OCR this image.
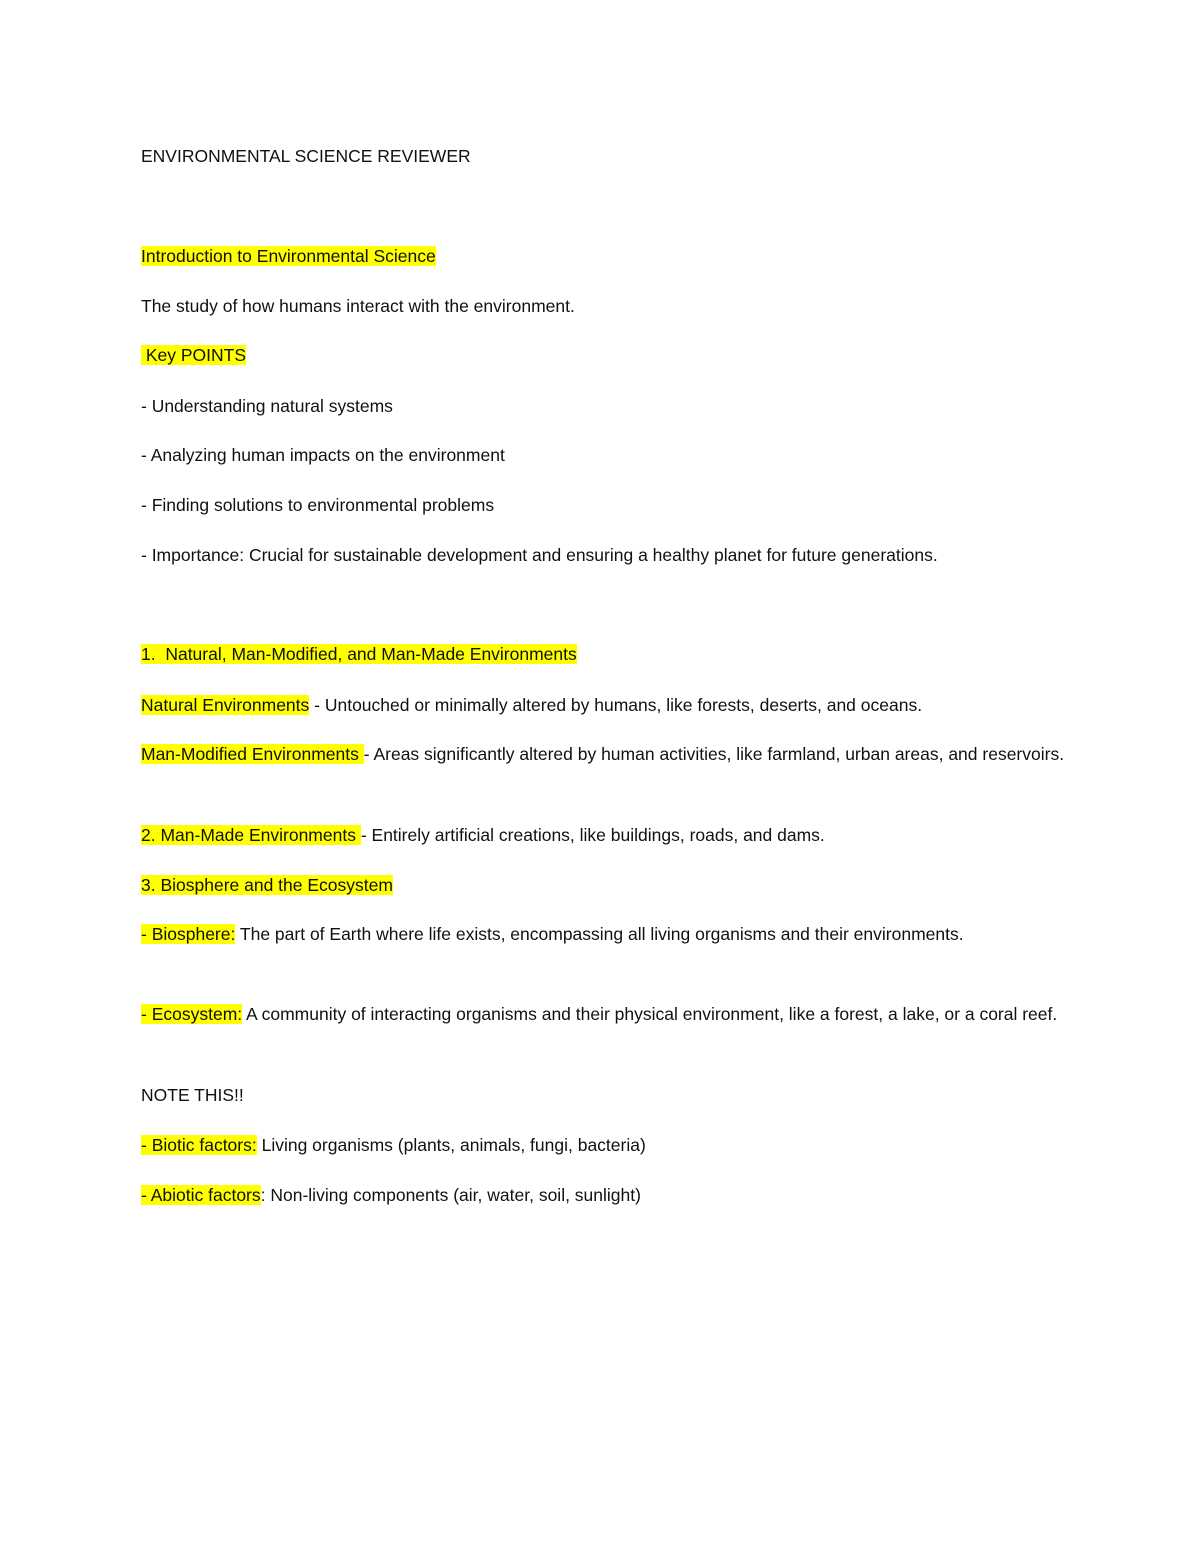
ENVIRONMENTAL SCIENCE REVIEWER
Introduction to Environmental Science
The study of how humans interact with the environment.
Key POINTS
- Understanding natural systems
- Analyzing human impacts on the environment
- Finding solutions to environmental problems
- Importance: Crucial for sustainable development and ensuring a healthy planet for future generations.
1.  Natural, Man-Modified, and Man-Made Environments
Natural Environments - Untouched or minimally altered by humans, like forests, deserts, and oceans.
Man-Modified Environments - Areas significantly altered by human activities, like farmland, urban areas, and reservoirs.
2. Man-Made Environments - Entirely artificial creations, like buildings, roads, and dams.
3. Biosphere and the Ecosystem
- Biosphere: The part of Earth where life exists, encompassing all living organisms and their environments.
- Ecosystem: A community of interacting organisms and their physical environment, like a forest, a lake, or a coral reef.
NOTE THIS!!
- Biotic factors: Living organisms (plants, animals, fungi, bacteria)
- Abiotic factors: Non-living components (air, water, soil, sunlight)
